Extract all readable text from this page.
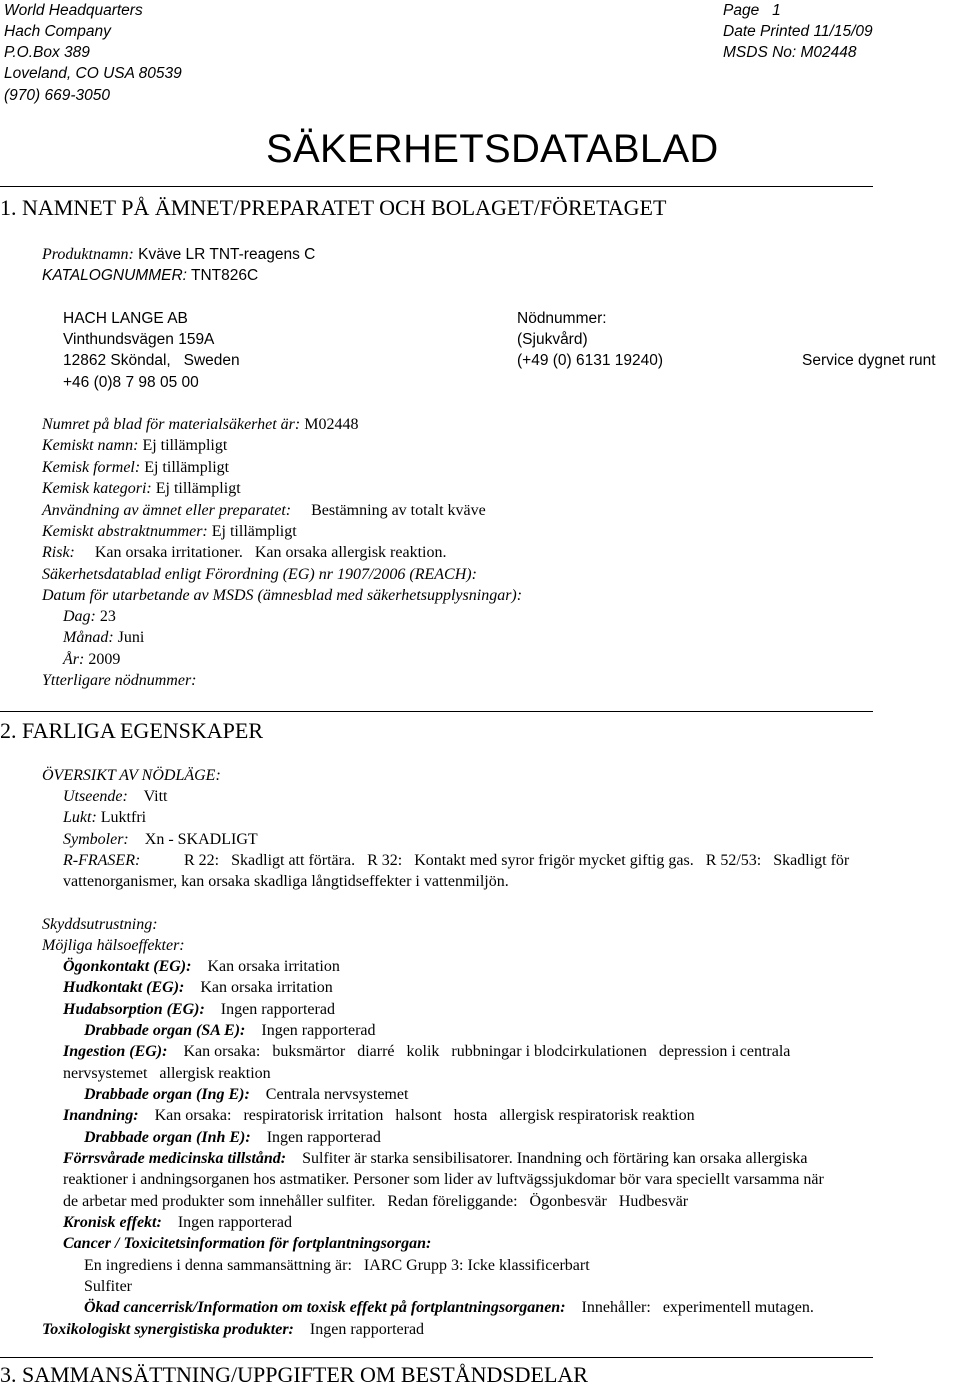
World Headquarters
Hach Company
P.O.Box 389
Loveland, CO USA 80539
(970) 669-3050
Page   1
Date Printed 11/15/09
MSDS No: M02448
SÄKERHETSDATABLAD
1. NAMNET PÅ ÄMNET/PREPARATET OCH BOLAGET/FÖRETAGET
Produktnamn: Kväve LR TNT-reagens C
KATALOGNUMMER: TNT826C
HACH LANGE AB
Vinthundsvägen 159A
12862 Sköndal,   Sweden
+46 (0)8 7 98 05 00
Nödnummer:
(Sjukvård)
(+49 (0) 6131 19240)	Service dygnet runt
Numret på blad för materialsäkerhet är: M02448
Kemiskt namn: Ej tillämpligt
Kemisk formel: Ej tillämpligt
Kemisk kategori: Ej tillämpligt
Användning av ämnet eller preparatet:     Bestämning av totalt kväve
Kemiskt abstraktnummer: Ej tillämpligt
Risk:     Kan orsaka irritationer.   Kan orsaka allergisk reaktion.
Säkerhetsdatablad enligt Förordning (EG) nr 1907/2006 (REACH):
Datum för utarbetande av MSDS (ämnesblad med säkerhetsupplysningar):
Dag: 23
Månad: Juni
År: 2009
Ytterligare nödnummer:
2. FARLIGA EGENSKAPER
ÖVERSIKT AV NÖDLÄGE:
Utseende:    Vitt
Lukt: Luktfri
Symboler:    Xn - SKADLIGT
R-FRASER:	R 22:   Skadligt att förtära.   R 32:   Kontakt med syror frigör mycket giftig gas.   R 52/53:   Skadligt för
vattenorganismer, kan orsaka skadliga långtidseffekter i vattenmiljön.
Skyddsutrustning:
Möjliga hälsoeffekter:
Ögonkontakt (EG):    Kan orsaka irritation
Hudkontakt (EG):    Kan orsaka irritation
Hudabsorption (EG):    Ingen rapporterad
Drabbade organ (SA E):    Ingen rapporterad
Ingestion (EG):    Kan orsaka:   buksmärtor   diarré   kolik   rubbningar i blodcirkulationen   depression i centrala
nervsystemet   allergisk reaktion
Drabbade organ (Ing E):    Centrala nervsystemet
Inandning:    Kan orsaka:   respiratorisk irritation   halsont   hosta   allergisk respiratorisk reaktion
Drabbade organ (Inh E):    Ingen rapporterad
Förrsvårade medicinska tillstånd:    Sulfiter är starka sensibilisatorer. Inandning och förtäring kan orsaka allergiska
reaktioner i andningsorganen hos astmatiker. Personer som lider av luftvägssjukdomar bör vara speciellt varsamma när
de arbetar med produkter som innehåller sulfiter.   Redan föreliggande:   Ögonbesvär   Hudbesvär
Kronisk effekt:    Ingen rapporterad
Cancer / Toxicitetsinformation för fortplantningsorgan:
En ingrediens i denna sammansättning är:   IARC Grupp 3: Icke klassificerbart
Sulfiter
Ökad cancerrisk/Information om toxisk effekt på fortplantningsorganen:    Innehåller:   experimentell mutagen.
Toxikologiskt synergistiska produkter:    Ingen rapporterad
3. SAMMANSÄTTNING/UPPGIFTER OM BESTÅNDSDELAR
